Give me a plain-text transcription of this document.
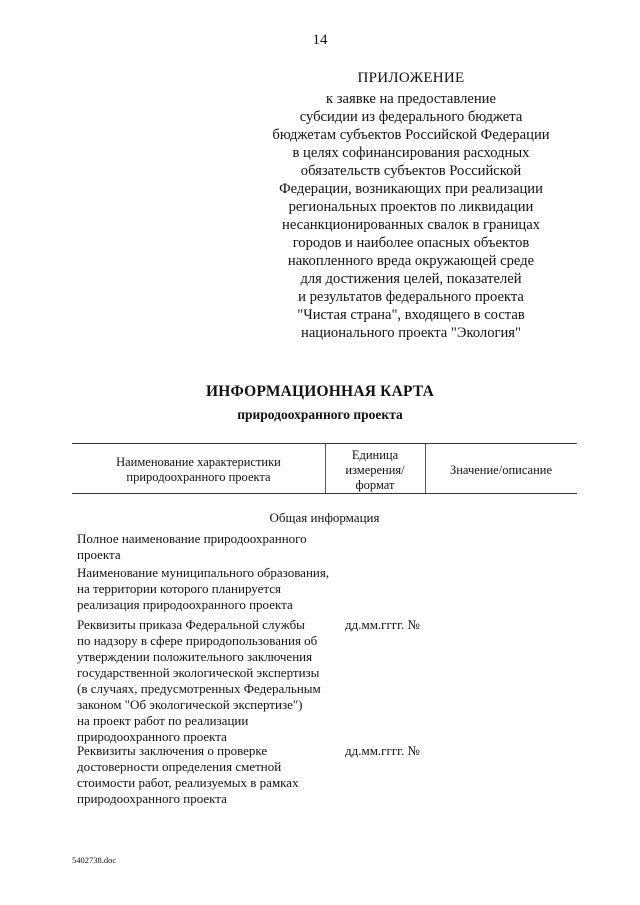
14
ПРИЛОЖЕНИЕ
к заявке на предоставление
субсидии из федерального бюджета
бюджетам субъектов Российской Федерации
в целях софинансирования расходных
обязательств субъектов Российской
Федерации, возникающих при реализации
региональных проектов по ликвидации
несанкционированных свалок в границах
городов и наиболее опасных объектов
накопленного вреда окружающей среде
для достижения целей, показателей
и результатов федерального проекта
"Чистая страна", входящего в состав
национального проекта "Экология"
ИНФОРМАЦИОННАЯ КАРТА
природоохранного проекта
Наименование характеристики
природоохранного проекта
Единица
измерения/
формат
Значение/описание
Общая информация
Полное наименование природоохранного
проекта
Наименование муниципального образования,
на территории которого планируется
реализация природоохранного проекта
Реквизиты приказа Федеральной службы
по надзору в сфере природопользования об
утверждении положительного заключения
государственной экологической экспертизы
(в случаях, предусмотренных Федеральным
законом "Об экологической экспертизе")
на проект работ по реализации
природоохранного проекта
дд.мм.гггг. №
Реквизиты заключения о проверке
достоверности определения сметной
стоимости работ, реализуемых в рамках
природоохранного проекта
дд.мм.гггг. №
5402738.doc
